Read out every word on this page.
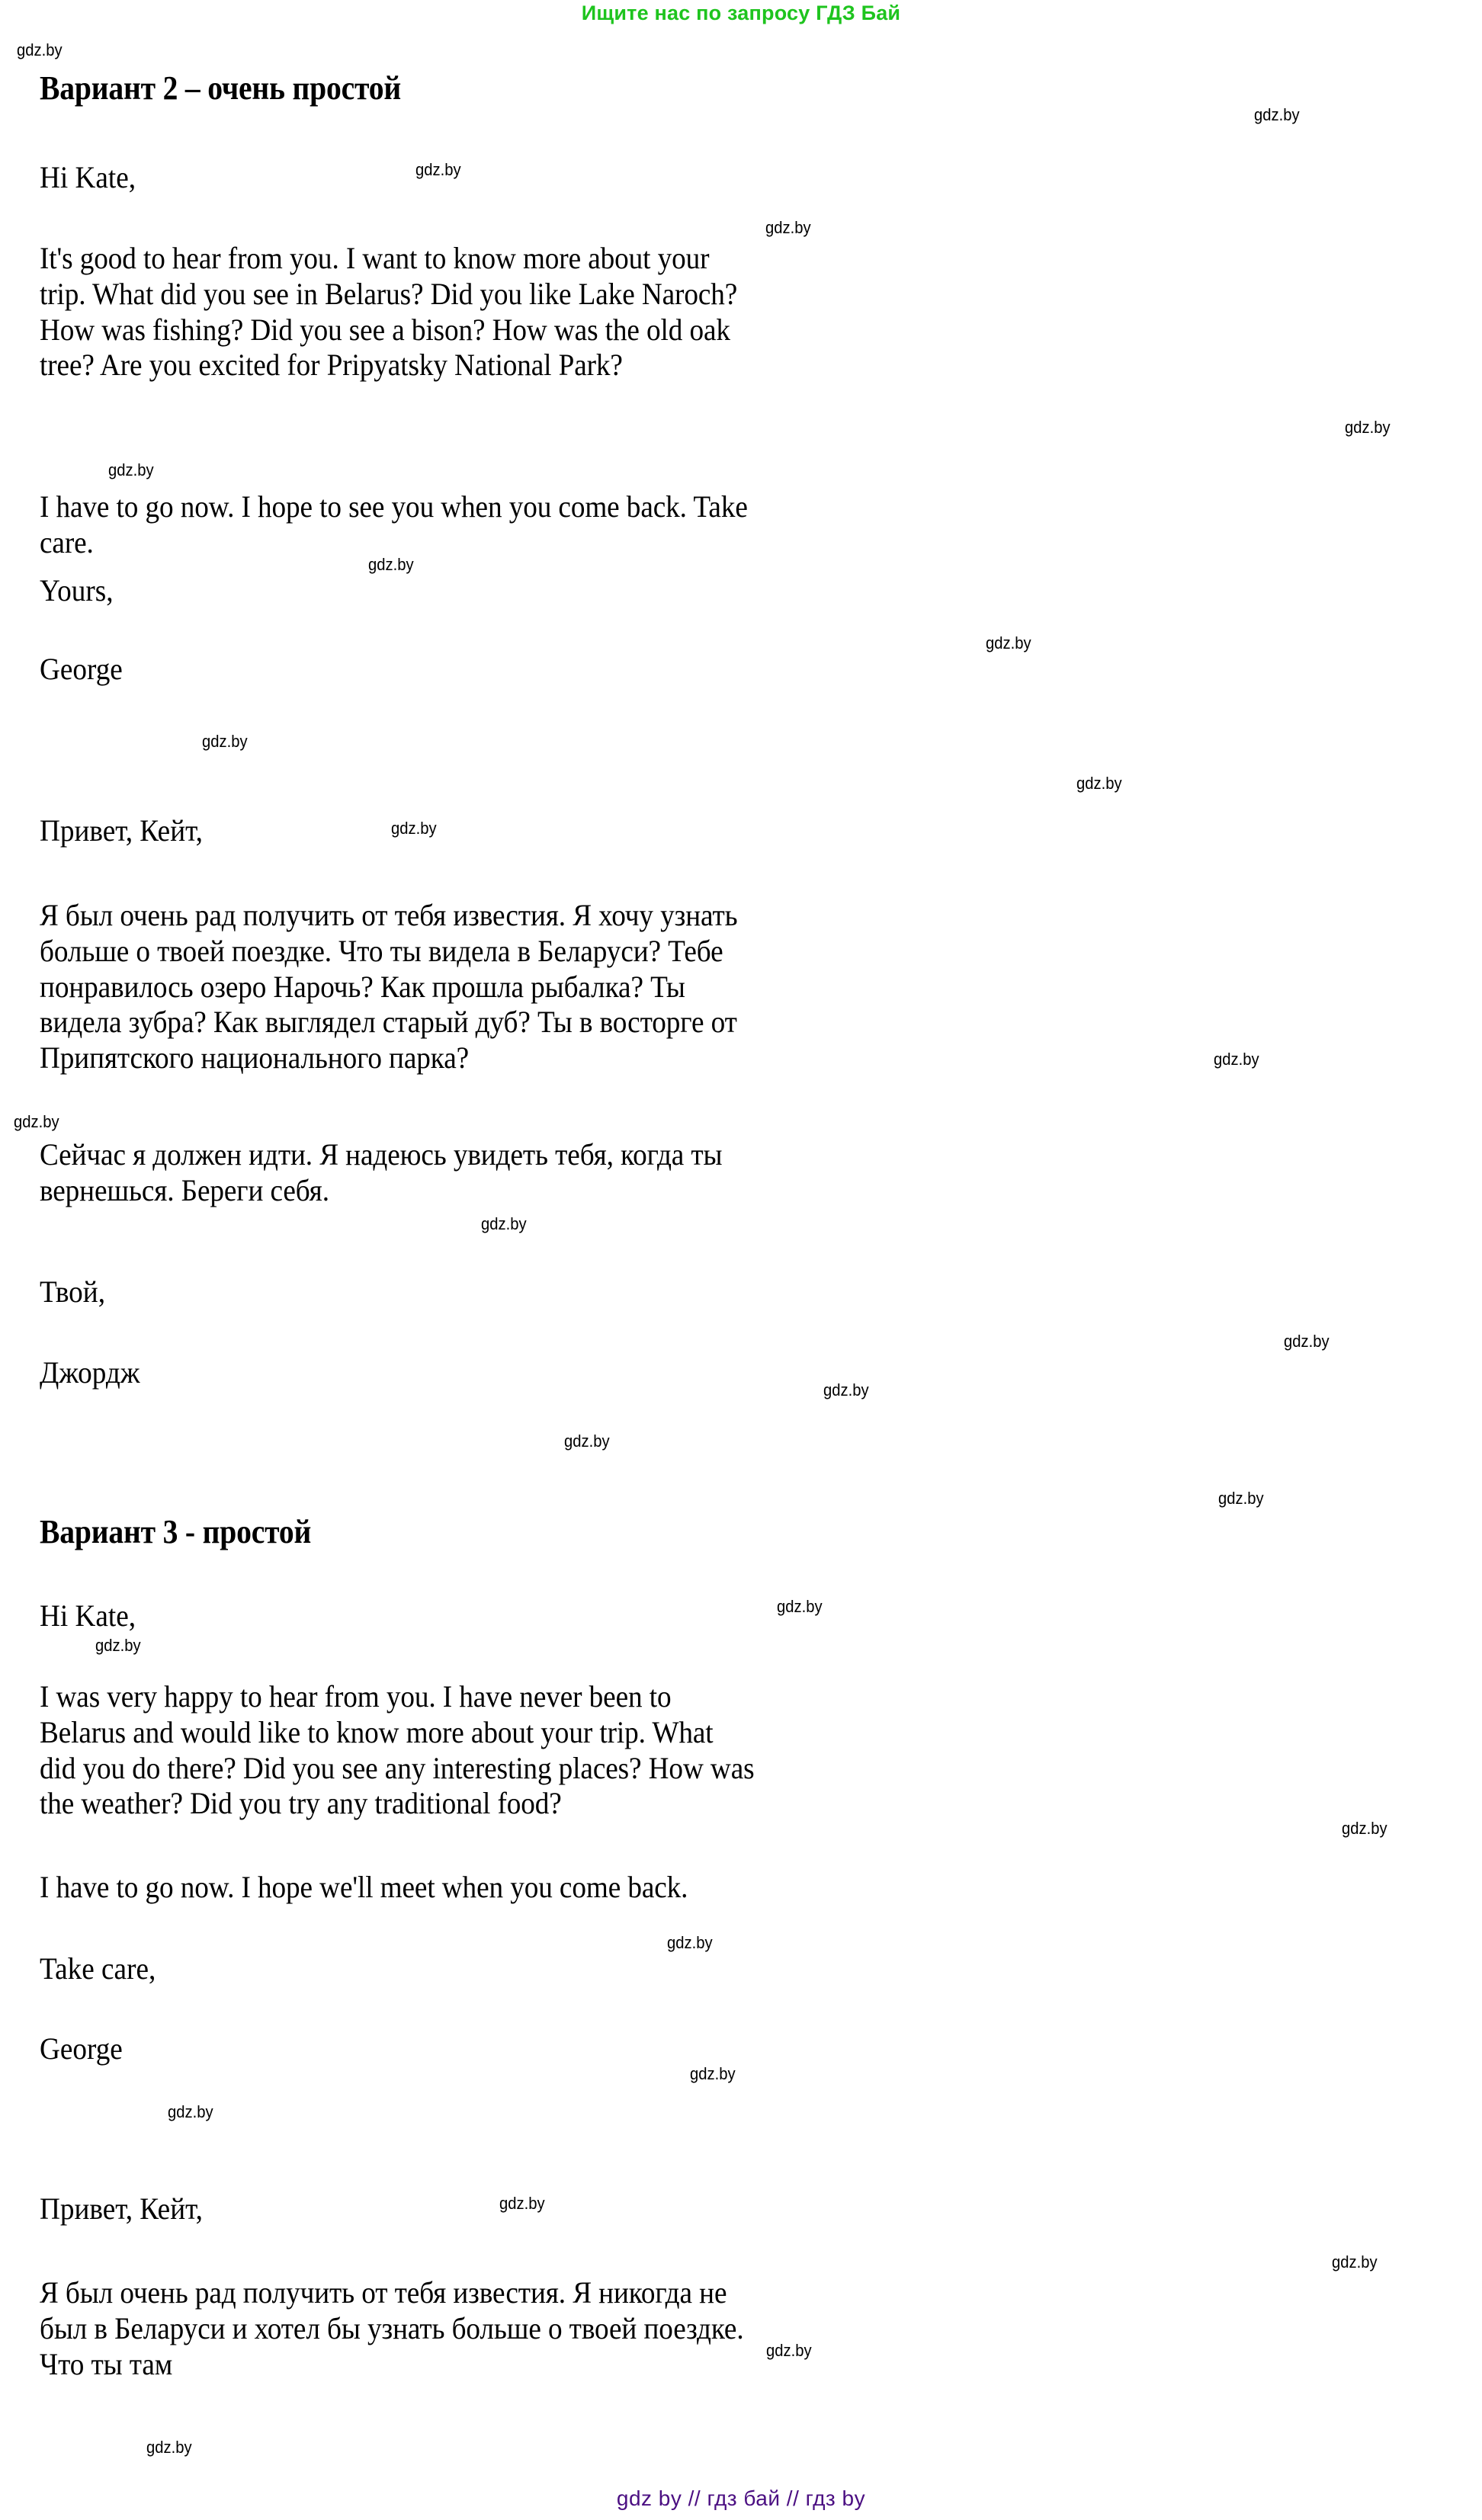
Ищите нас по запросу ГДЗ Бай
Вариант 2 – очень простой

Hi Kate,

It's good to hear from you. I want to know more about your trip. What did you see in Belarus? Did you like Lake Naroch? How was fishing? Did you see a bison? How was the old oak tree? Are you excited for Pripyatsky National Park?

I have to go now. I hope to see you when you come back. Take care.

Yours,

George

Привет, Кейт,

Я был очень рад получить от тебя известия. Я хочу узнать больше о твоей поездке. Что ты видела в Беларуси? Тебе понравилось озеро Нарочь? Как прошла рыбалка? Ты видела зубра? Как выглядел старый дуб? Ты в восторге от Припятского национального парка?

Сейчас я должен идти. Я надеюсь увидеть тебя, когда ты вернешься. Береги себя.

Твой,

Джордж

Вариант 3 - простой

Hi Kate,

I was very happy to hear from you. I have never been to Belarus and would like to know more about your trip. What did you do there? Did you see any interesting places? How was the weather? Did you try any traditional food?

I have to go now. I hope we'll meet when you come back.

Take care,

George

Привет, Кейт,

Я был очень рад получить от тебя известия. Я никогда не был в Беларуси и хотел бы узнать больше о твоей поездке. Что ты там

gdz.by
gdz.by
gdz.by
gdz.by
gdz.by
gdz.by
gdz.by
gdz.by
gdz.by
gdz.by
gdz.by
gdz.by
gdz.by
gdz.by
gdz.by
gdz.by
gdz.by
gdz.by
gdz.by
gdz.by
gdz.by
gdz.by
gdz.by
gdz.by
gdz.by
gdz.by
gdz.by
gdz.by
gdz by // гдз бай // гдз by
